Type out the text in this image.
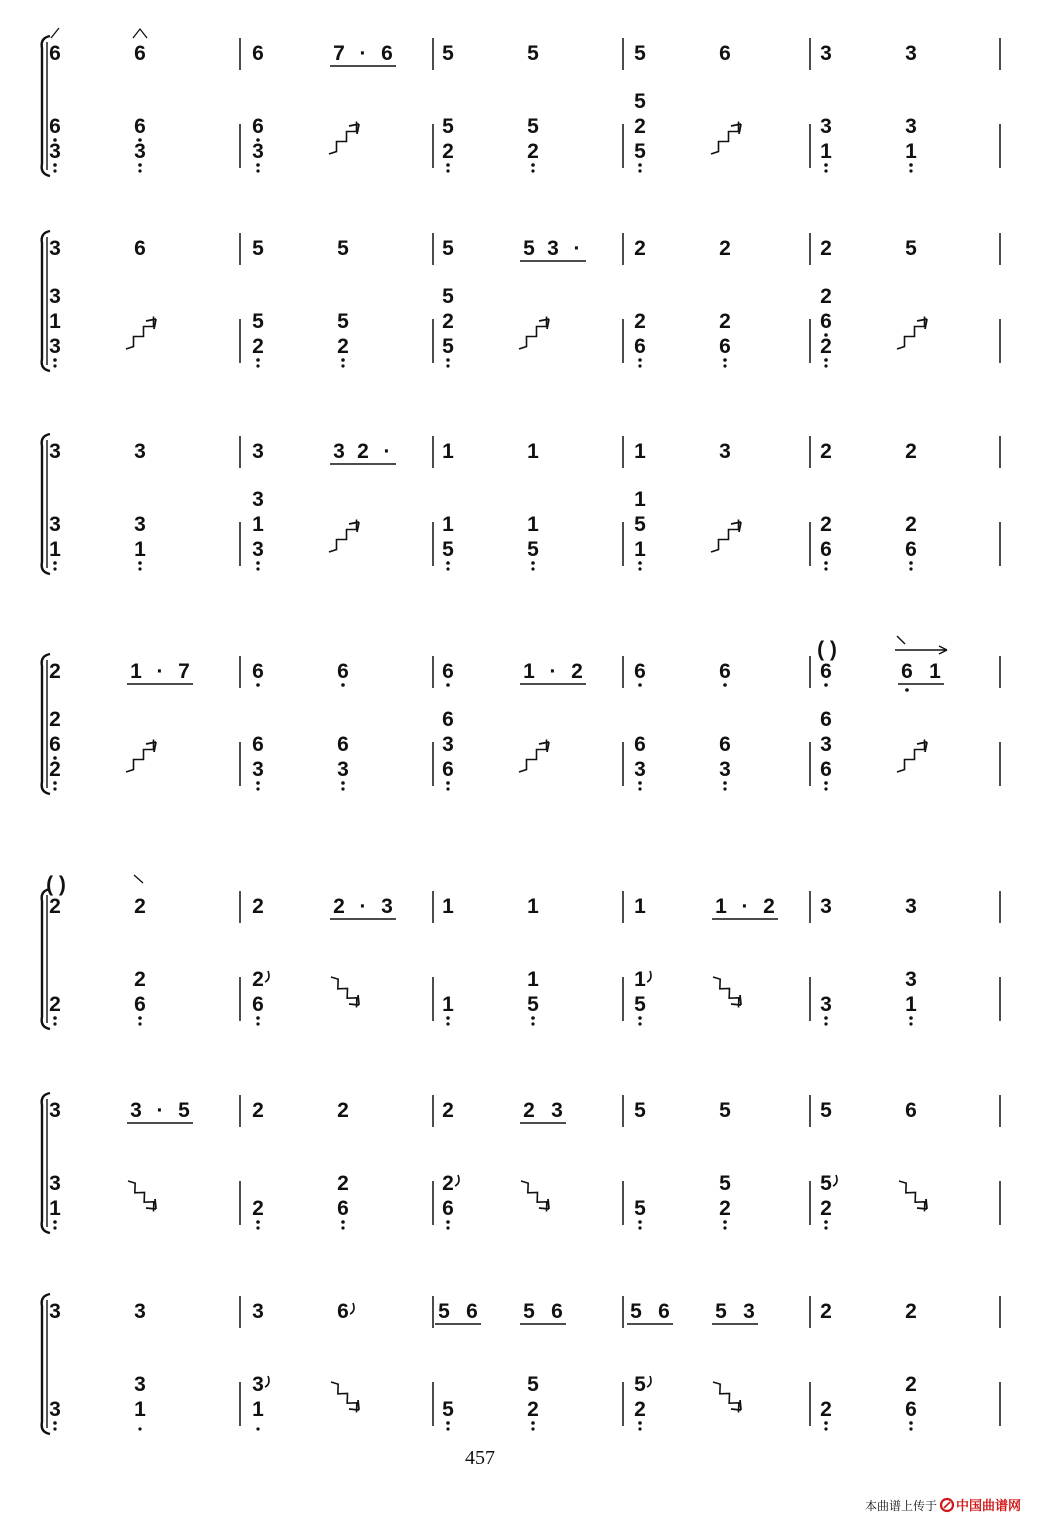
6	6
6
3
6
3
6	7 · 6
6
3
5	5
5
2
5
2
5	6
5
2
5
3	3
3
1
3
1
3	6
3
1
3
5	5
5
2
5
2
5	5 3 ·
5
2
5
2	2
2
6
2
6
2	5
2
6
2
3	3
3
1
3
1
3	3 2 ·
3
1
3
1	1
1
5
1
5
1	3
1
5
1
2	2
2
6
2
6
2	1 · 7
2
6
2
6	6
6
3
6
3
6	1 · 2
6
3
6
6	6
6
3
6
3
6
( )
6 1
6
3
6
2
( )
2
2
2
6
2	2 · 3
2
6
1	1
1
1
5
1	1 · 2
1
5
3	3
3
3
1
3	3 · 5
3
1
2	2
2
2
6
2	2 3
2
6
5	5
5
5
2
5	6
5
2
3	3
3
3
1
3	6
3
1
5 6 5 6
5
5
2
5 6 5 3
5
2
2	2
2
2
6
457
本曲谱上传于 中国曲谱网
